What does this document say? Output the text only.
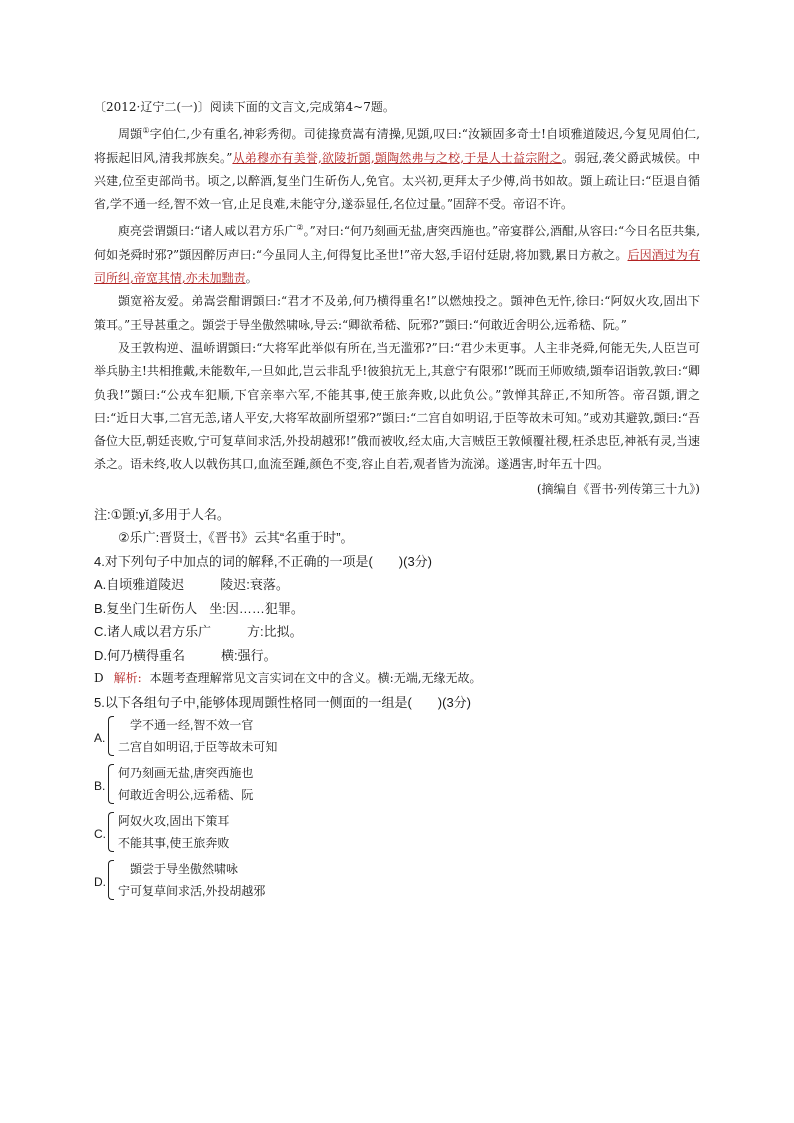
〔2012·辽宁二(一)〕阅读下面的文言文,完成第4~7题。

周顗①字伯仁,少有重名,神彩秀彻。司徒掾贲嵩有清操,见顗,叹曰:“汝颍固多奇士!自顷雅道陵迟,今复见周伯仁,将振起旧风,清我邦族矣。”从弟穆亦有美誉,欲陵折顗,顗陶然弗与之校,于是人士益宗附之。弱冠,袭父爵武城侯。中兴建,位至吏部尚书。顷之,以醉酒,复坐门生斫伤人,免官。太兴初,更拜太子少傅,尚书如故。顗上疏让曰:“臣退自循省,学不通一经,智不效一官,止足良难,未能守分,遂忝显任,名位过量。”固辞不受。帝诏不许。

庾亮尝谓顗曰:“诸人咸以君方乐广②。”对曰:“何乃刻画无盐,唐突西施也。”帝宴群公,酒酣,从容曰:“今日名臣共集,何如尧舜时邪?”顗因醉厉声曰:“今虽同人主,何得复比圣世!”帝大怒,手诏付廷尉,将加戮,累日方赦之。后因酒过为有司所纠,帝宽其情,亦未加黜责。

顗宽裕友爱。弟嵩尝酣谓顗曰:“君才不及弟,何乃横得重名!”以燃烛投之。顗神色无忤,徐曰:“阿奴火攻,固出下策耳。”王导甚重之。顗尝于导坐傲然啸咏,导云:“卿欲希嵇、阮邪?”顗曰:“何敢近舍明公,远希嵇、阮。”

及王敦构逆、温峤谓顗曰:“大将军此举似有所在,当无滥邪?”曰:“君少未更事。人主非尧舜,何能无失,人臣岂可举兵胁主!共相推戴,未能数年,一旦如此,岂云非乱乎!彼狼抗无上,其意宁有限邪!”既而王师败绩,顗奉诏诣敦,敦曰:“卿负我!”顗曰:“公戎车犯顺,下官亲率六军,不能其事,使王旅奔败,以此负公。”敦惮其辞正,不知所答。帝召顗,谓之曰:“近日大事,二宫无恙,诸人平安,大将军故副所望邪?”顗曰:“二宫自如明诏,于臣等故未可知。”或劝其避敦,顗曰:“吾备位大臣,朝廷丧败,宁可复草间求活,外投胡越邪!”俄而被收,经太庙,大言贼臣王敦倾覆社稷,枉杀忠臣,神祇有灵,当速杀之。语未终,收人以戟伤其口,血流至踵,颜色不变,容止自若,观者皆为流涕。遂遇害,时年五十四。

(摘编自《晋书·列传第三十九》)

注:①顗:yǐ,多用于人名。

②乐广:晋贤士,《晋书》云其“名重于时”。

4.对下列句子中加点的词的解释,不正确的一项是(　　)(3分)

A.自顷雅道陵迟	陵迟:衰落。

B.复坐门生斫伤人 坐:因……犯罪。

C.诸人咸以君方乐广	方:比拟。

D.何乃横得重名	横:强行。

D 解析: 本题考查理解常见文言实词在文中的含义。横:无端,无缘无故。

5.以下各组句子中,能够体现周顗性格同一侧面的一组是(　　)(3分)

A.
学不通一经,智不效一官
二宫自如明诏,于臣等故未可知
B.
何乃刻画无盐,唐突西施也
何敢近舍明公,远希嵇、阮
C.
阿奴火攻,固出下策耳
不能其事,使王旅奔败
D.
顗尝于导坐傲然啸咏
宁可复草间求活,外投胡越邪
